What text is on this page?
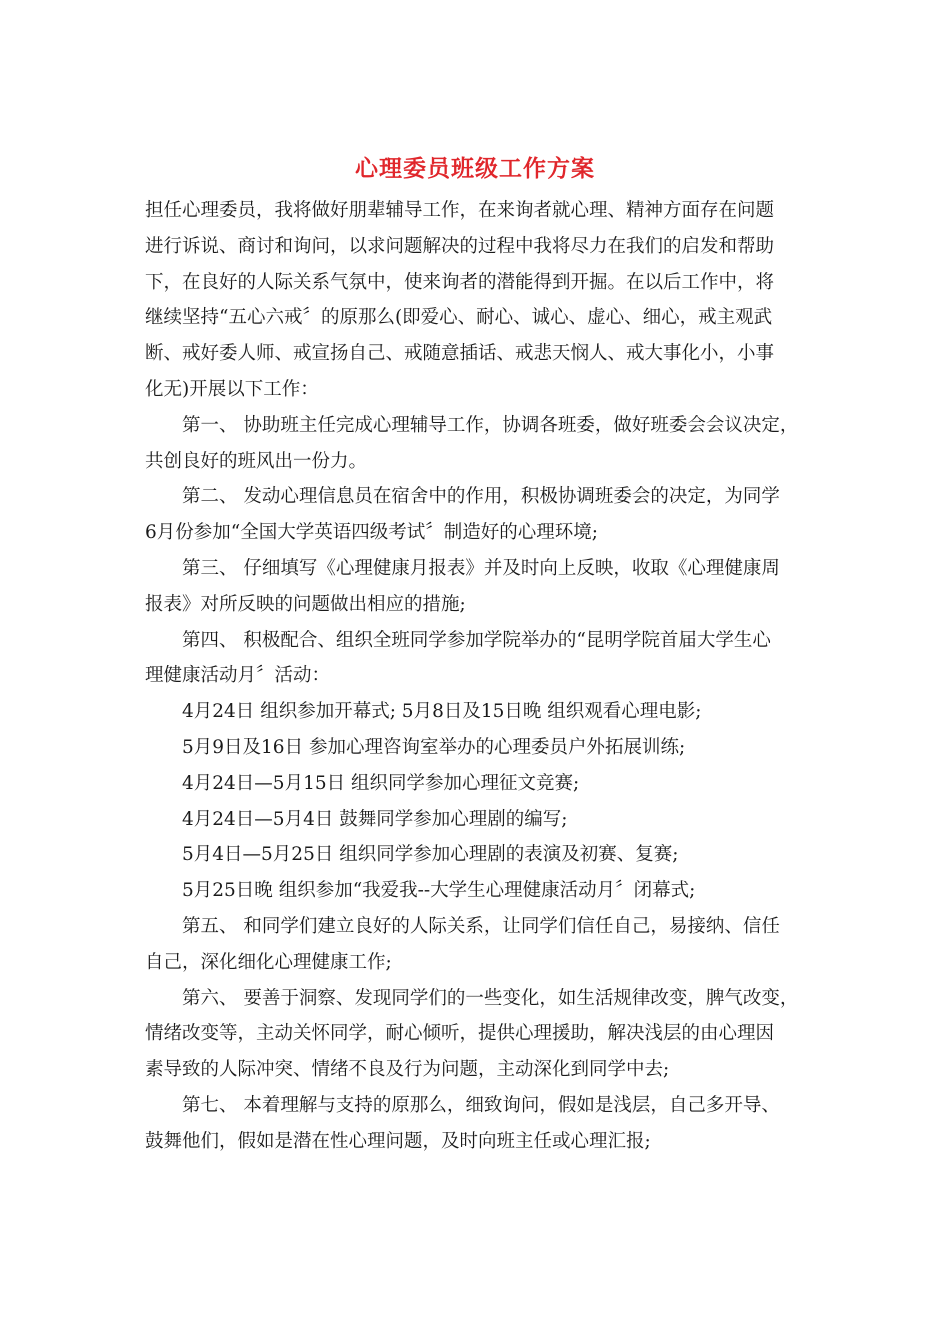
心理委员班级工作方案
担任心理委员，我将做好朋辈辅导工作，在来询者就心理、精神方面存在问题
进行诉说、商讨和询问，以求问题解决的过程中我将尽力在我们的启发和帮助
下，在良好的人际关系气氛中，使来询者的潜能得到开掘。在以后工作中，将
继续坚持“五心六戒〞的原那么(即爱心、耐心、诚心、虚心、细心，戒主观武
断、戒好委人师、戒宣扬自己、戒随意插话、戒悲天悯人、戒大事化小，小事
化无)开展以下工作：
第一、 协助班主任完成心理辅导工作，协调各班委，做好班委会会议决定，
共创良好的班风出一份力。
第二、 发动心理信息员在宿舍中的作用，积极协调班委会的决定，为同学
6月份参加“全国大学英语四级考试〞制造好的心理环境;
第三、 仔细填写《心理健康月报表》并及时向上反映，收取《心理健康周
报表》对所反映的问题做出相应的措施;
第四、 积极配合、组织全班同学参加学院举办的“昆明学院首届大学生心
理健康活动月〞活动：
4月24日 组织参加开幕式; 5月8日及15日晚 组织观看心理电影;
5月9日及16日 参加心理咨询室举办的心理委员户外拓展训练;
4月24日—5月15日 组织同学参加心理征文竞赛;
4月24日—5月4日 鼓舞同学参加心理剧的编写;
5月4日—5月25日 组织同学参加心理剧的表演及初赛、复赛;
5月25日晚 组织参加“我爱我--大学生心理健康活动月〞闭幕式;
第五、 和同学们建立良好的人际关系，让同学们信任自己，易接纳、信任
自己，深化细化心理健康工作;
第六、 要善于洞察、发现同学们的一些变化，如生活规律改变，脾气改变，
情绪改变等，主动关怀同学，耐心倾听，提供心理援助，解决浅层的由心理因
素导致的人际冲突、情绪不良及行为问题，主动深化到同学中去;
第七、 本着理解与支持的原那么，细致询问，假如是浅层，自己多开导、
鼓舞他们，假如是潜在性心理问题，及时向班主任或心理汇报;
